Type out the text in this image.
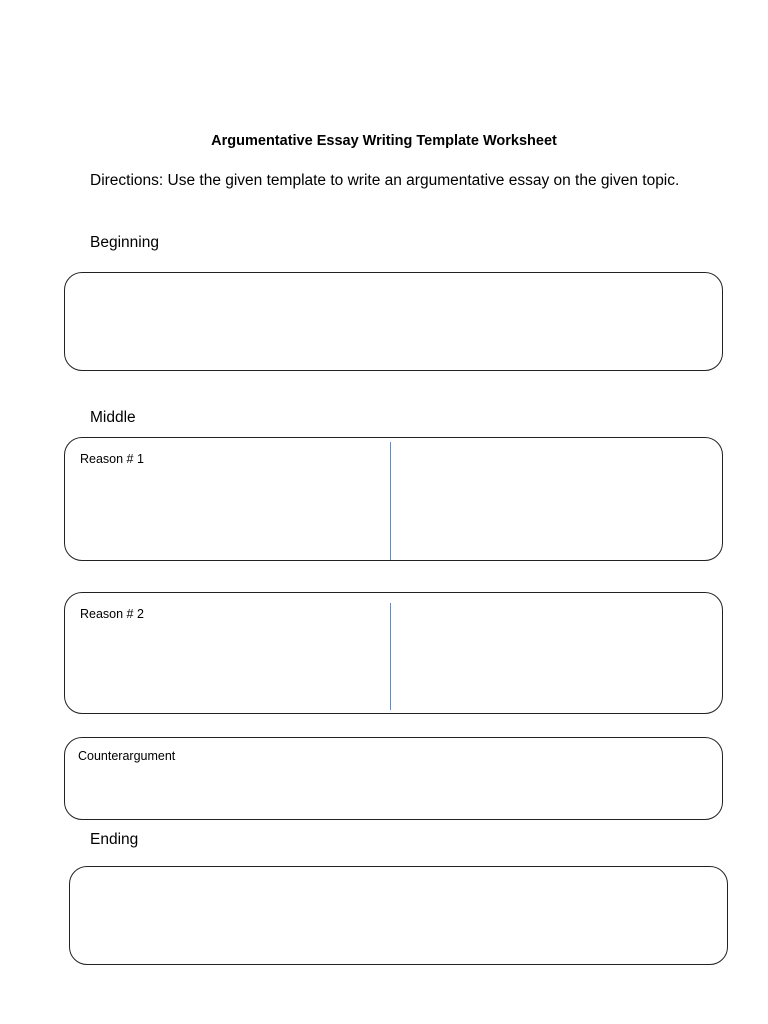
Argumentative Essay Writing Template Worksheet
Directions: Use the given template to write an argumentative essay on the given topic.
Beginning
Middle
Reason # 1
Reason # 2
Counterargument
Ending
